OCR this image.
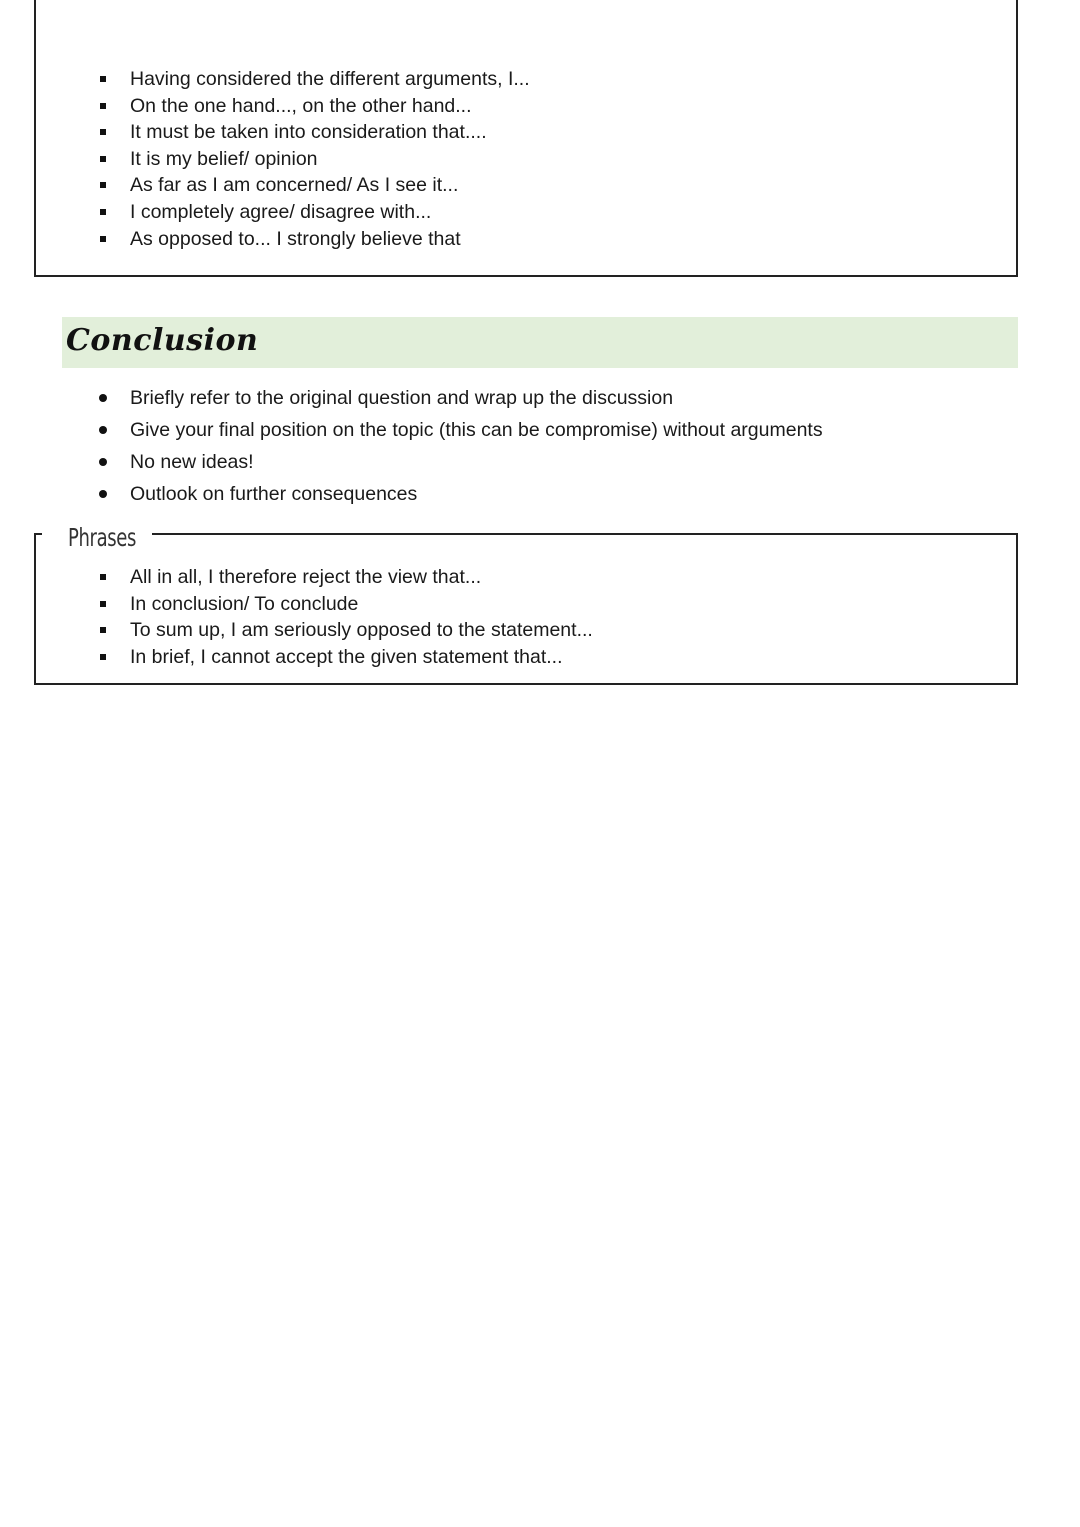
Having considered the different arguments, I...
On the one hand..., on the other hand...
It must be taken into consideration that....
It is my belief/ opinion
As far as I am concerned/ As I see it...
I completely agree/ disagree with...
As opposed to... I strongly believe that
Conclusion
Briefly refer to the original question and wrap up the discussion
Give your final position on the topic (this can be compromise) without arguments
No new ideas!
Outlook on further consequences

Phrases

All in all, I therefore reject the view that...
In conclusion/ To conclude
To sum up, I am seriously opposed to the statement...
In brief, I cannot accept the given statement that...
